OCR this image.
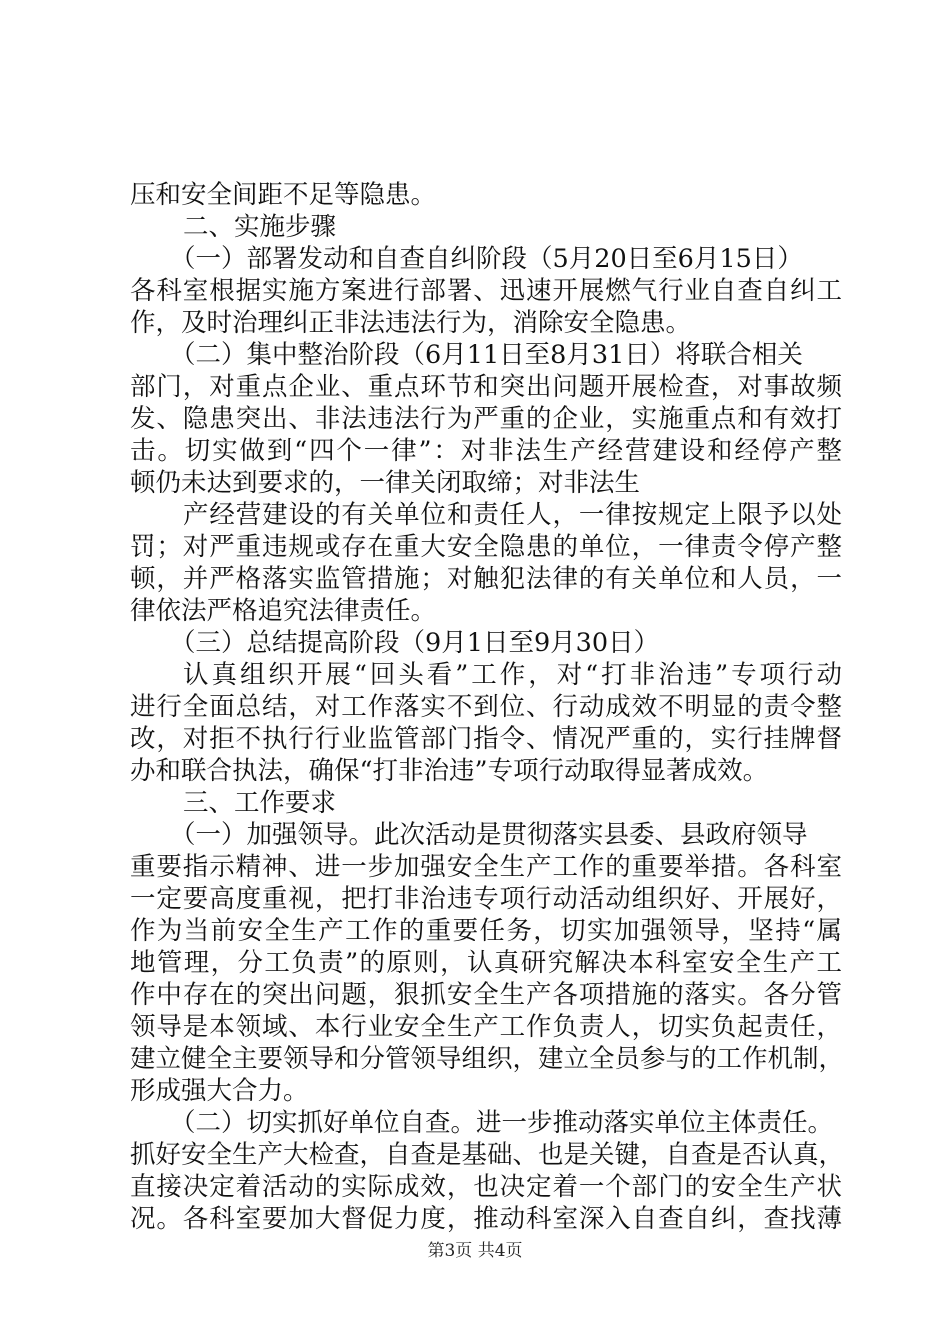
压和安全间距不足等隐患。
二、实施步骤
（一）部署发动和自查自纠阶段（5月20日至6月15日）
各科室根据实施方案进行部署、迅速开展燃气行业自查自纠工
作，及时治理纠正非法违法行为，消除安全隐患。
（二）集中整治阶段（6月11日至8月31日）将联合相关
部门，对重点企业、重点环节和突出问题开展检查，对事故频
发、隐患突出、非法违法行为严重的企业，实施重点和有效打
击。切实做到“四个一律”：对非法生产经营建设和经停产整
顿仍未达到要求的，一律关闭取缔；对非法生
产经营建设的有关单位和责任人，一律按规定上限予以处
罚；对严重违规或存在重大安全隐患的单位，一律责令停产整
顿，并严格落实监管措施；对触犯法律的有关单位和人员，一
律依法严格追究法律责任。
（三）总结提高阶段（9月1日至9月30日）
认真组织开展“回头看”工作，对“打非治违”专项行动
进行全面总结，对工作落实不到位、行动成效不明显的责令整
改，对拒不执行行业监管部门指令、情况严重的，实行挂牌督
办和联合执法，确保“打非治违”专项行动取得显著成效。
三、工作要求
（一）加强领导。此次活动是贯彻落实县委、县政府领导
重要指示精神、进一步加强安全生产工作的重要举措。各科室
一定要高度重视，把打非治违专项行动活动组织好、开展好，
作为当前安全生产工作的重要任务，切实加强领导，坚持“属
地管理，分工负责”的原则，认真研究解决本科室安全生产工
作中存在的突出问题，狠抓安全生产各项措施的落实。各分管
领导是本领域、本行业安全生产工作负责人，切实负起责任，
建立健全主要领导和分管领导组织，建立全员参与的工作机制，
形成强大合力。
（二）切实抓好单位自查。进一步推动落实单位主体责任。
抓好安全生产大检查，自查是基础、也是关键，自查是否认真，
直接决定着活动的实际成效，也决定着一个部门的安全生产状
况。各科室要加大督促力度，推动科室深入自查自纠，查找薄
第3页 共4页
